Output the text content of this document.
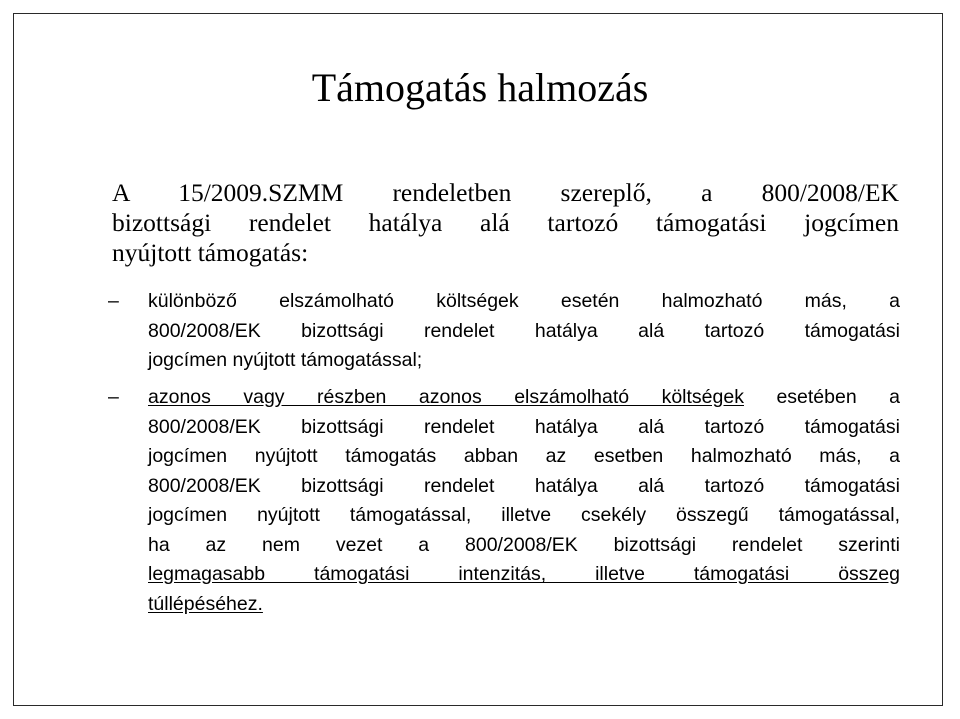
Támogatás halmozás
A 15/2009.SZMM rendeletben szereplő, a 800/2008/EK
bizottsági rendelet hatálya alá tartozó támogatási jogcímen
nyújtott támogatás:
– különböző elszámolható költségek esetén halmozható más, a
800/2008/EK bizottsági rendelet hatálya alá tartozó támogatási
jogcímen nyújtott támogatással;
– azonos vagy részben azonos elszámolható költségek esetében a
800/2008/EK bizottsági rendelet hatálya alá tartozó támogatási
jogcímen nyújtott támogatás abban az esetben halmozható más, a
800/2008/EK bizottsági rendelet hatálya alá tartozó támogatási
jogcímen nyújtott támogatással, illetve csekély összegű támogatással,
ha az nem vezet a 800/2008/EK bizottsági rendelet szerinti
legmagasabb támogatási intenzitás, illetve támogatási összeg
túllépéséhez.
